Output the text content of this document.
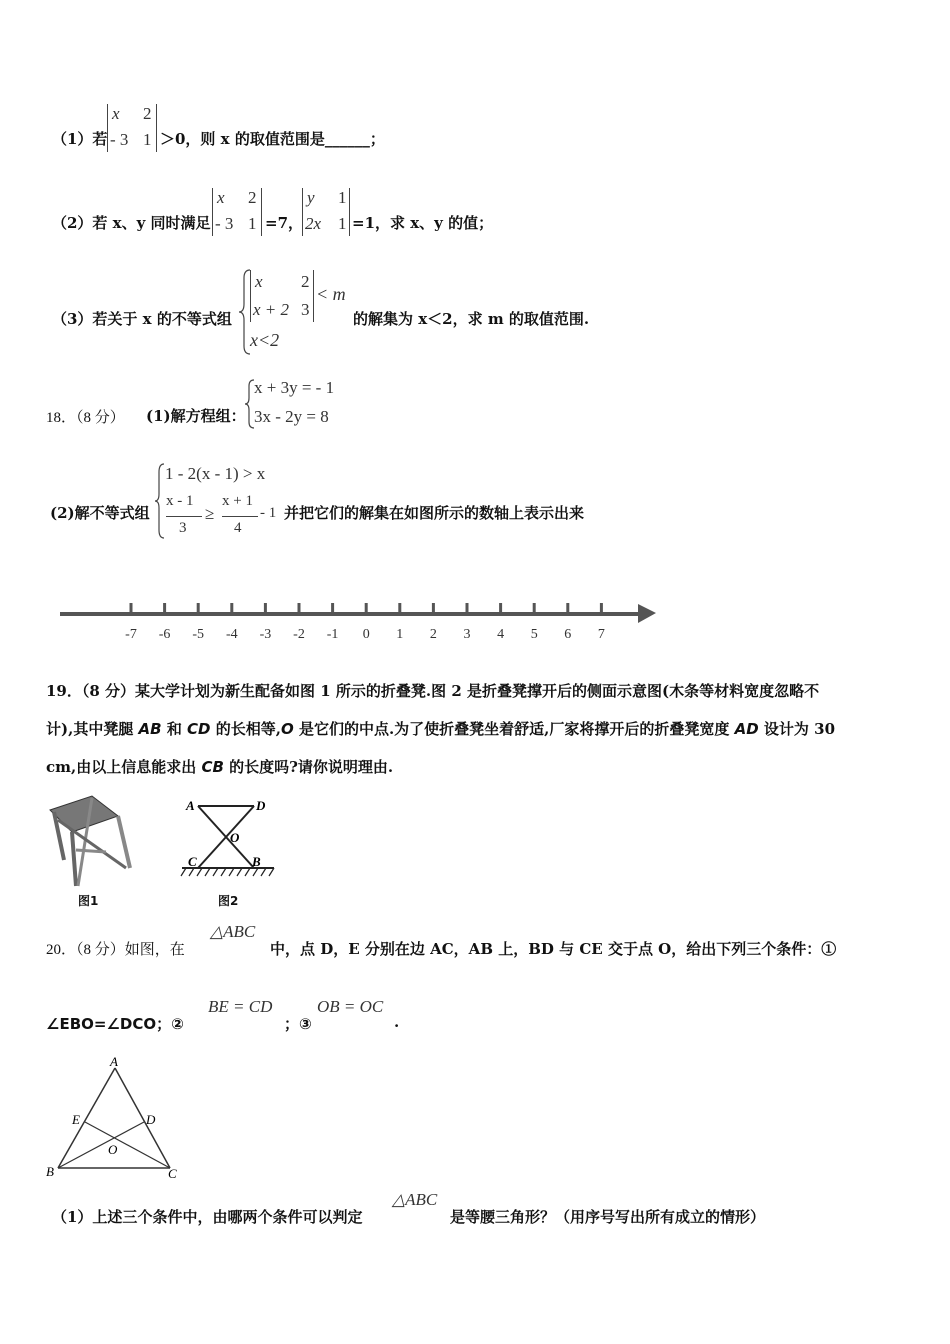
（1）若
x 2
- 3 1 ＞0，则 x 的取值范围是______；
（2）若 x、y 同时满足
x 2
- 3 1 =7，
y 1
2x 1 =1，求 x、y 的值；
（3）若关于 x 的不等式组
x 2
x + 2 3
< m
x<2
的解集为 x＜2，求 m 的取值范围.
18．（8 分） (1)解方程组：
x + 3y = - 1
3x - 2y = 8
(2)解不等式组
1 - 2(x - 1) > x
x - 1
3
≥
x + 1
4
- 1 并把它们的解集在如图所示的数轴上表示出来
-7 -6 -5 -4 -3 -2 -1 0 1 2 3 4 5 6 7
19．（8 分）某大学计划为新生配备如图 1 所示的折叠凳.图 2 是折叠凳撑开后的侧面示意图(木条等材料宽度忽略不
计),其中凳腿 AB 和 CD 的长相等,O 是它们的中点.为了使折叠凳坐着舒适,厂家将撑开后的折叠凳宽度 AD 设计为 30
cm,由以上信息能求出 CB 的长度吗?请你说明理由.
图1
A	D
O
C	B
图2
20．（8 分）如图，在
△ABC
中，点 D，E 分别在边 AC，AB 上，BD 与 CE 交于点 O，给出下列三个条件：①
∠EBO=∠DCO；②
BE = CD
；③
OB = OC
.
A
E	D
O
B	C
（1）上述三个条件中，由哪两个条件可以判定
△ABC
是等腰三角形？（用序号写出所有成立的情形）
